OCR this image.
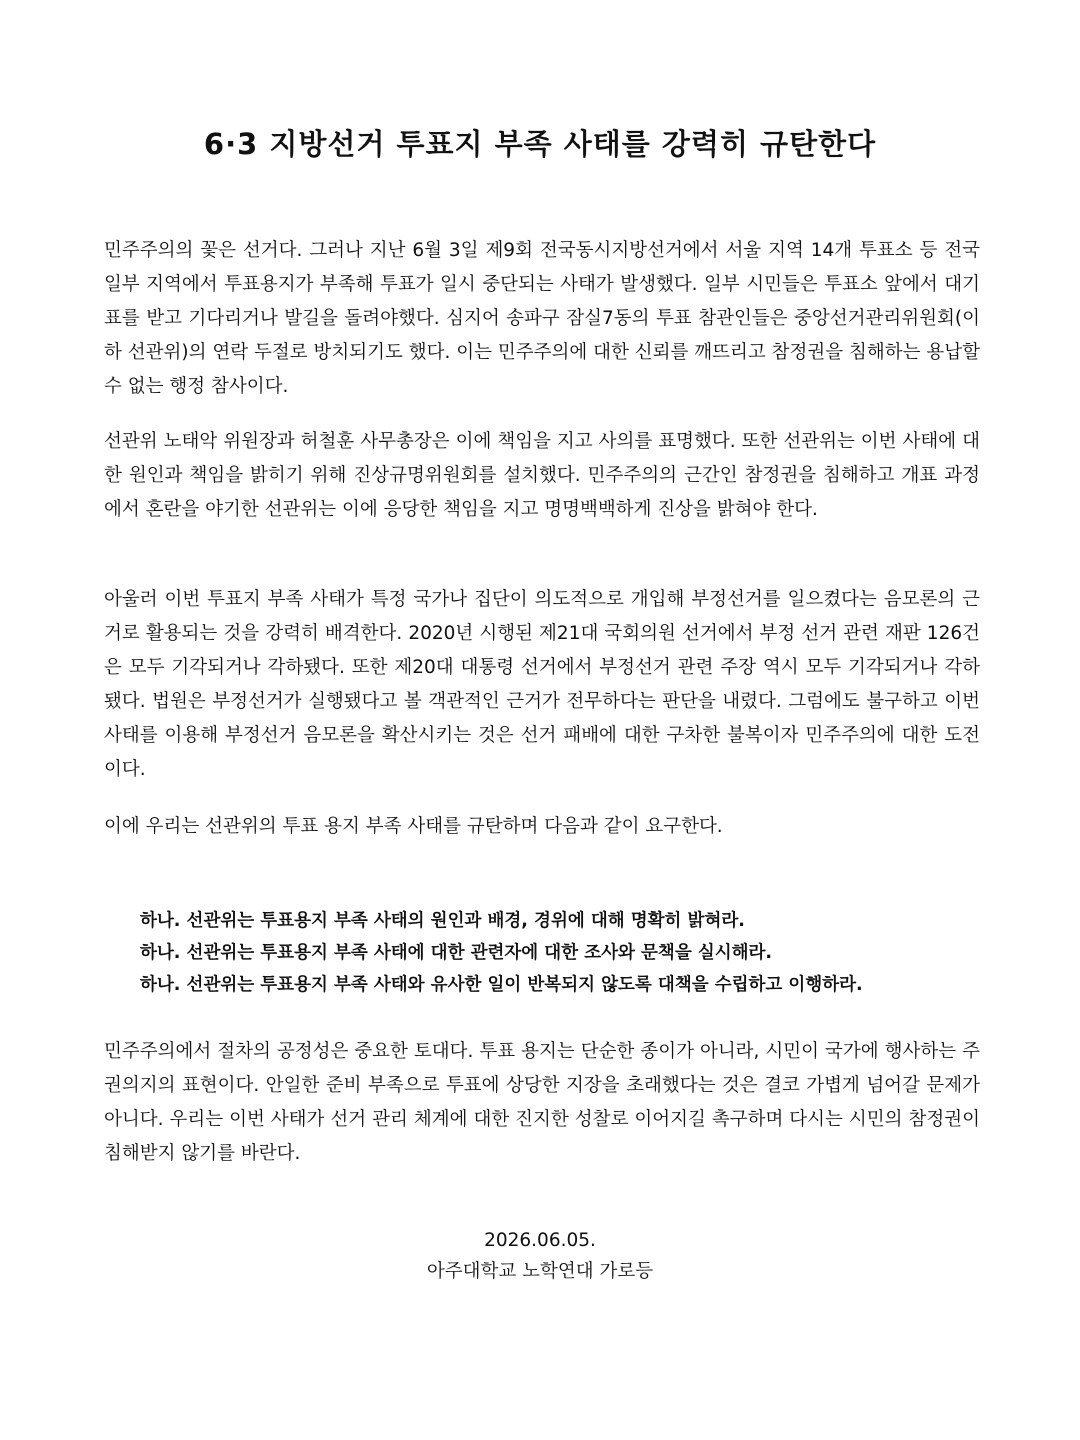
6·3 지방선거 투표지 부족 사태를 강력히 규탄한다

민주주의의 꽃은 선거다. 그러나 지난 6월 3일 제9회 전국동시지방선거에서 서울 지역 14개 투표소 등 전국 일부 지역에서 투표용지가 부족해 투표가 일시 중단되는 사태가 발생했다. 일부 시민들은 투표소 앞에서 대기표를 받고 기다리거나 발길을 돌려야했다. 심지어 송파구 잠실7동의 투표 참관인들은 중앙선거관리위원회(이하 선관위)의 연락 두절로 방치되기도 했다. 이는 민주주의에 대한 신뢰를 깨뜨리고 참정권을 침해하는 용납할 수 없는 행정 참사이다.

선관위 노태악 위원장과 허철훈 사무총장은 이에 책임을 지고 사의를 표명했다. 또한 선관위는 이번 사태에 대한 원인과 책임을 밝히기 위해 진상규명위원회를 설치했다. 민주주의의 근간인 참정권을 침해하고 개표 과정에서 혼란을 야기한 선관위는 이에 응당한 책임을 지고 명명백백하게 진상을 밝혀야 한다.

아울러 이번 투표지 부족 사태가 특정 국가나 집단이 의도적으로 개입해 부정선거를 일으켰다는 음모론의 근거로 활용되는 것을 강력히 배격한다. 2020년 시행된 제21대 국회의원 선거에서 부정 선거 관련 재판 126건은 모두 기각되거나 각하됐다. 또한 제20대 대통령 선거에서 부정선거 관련 주장 역시 모두 기각되거나 각하됐다. 법원은 부정선거가 실행됐다고 볼 객관적인 근거가 전무하다는 판단을 내렸다. 그럼에도 불구하고 이번 사태를 이용해 부정선거 음모론을 확산시키는 것은 선거 패배에 대한 구차한 불복이자 민주주의에 대한 도전이다.

이에 우리는 선관위의 투표 용지 부족 사태를 규탄하며 다음과 같이 요구한다.

하나. 선관위는 투표용지 부족 사태의 원인과 배경, 경위에 대해 명확히 밝혀라.
하나. 선관위는 투표용지 부족 사태에 대한 관련자에 대한 조사와 문책을 실시해라.
하나. 선관위는 투표용지 부족 사태와 유사한 일이 반복되지 않도록 대책을 수립하고 이행하라.

민주주의에서 절차의 공정성은 중요한 토대다. 투표 용지는 단순한 종이가 아니라, 시민이 국가에 행사하는 주권의지의 표현이다. 안일한 준비 부족으로 투표에 상당한 지장을 초래했다는 것은 결코 가볍게 넘어갈 문제가 아니다. 우리는 이번 사태가 선거 관리 체계에 대한 진지한 성찰로 이어지길 촉구하며 다시는 시민의 참정권이 침해받지 않기를 바란다.

2026.06.05.

아주대학교 노학연대 가로등
